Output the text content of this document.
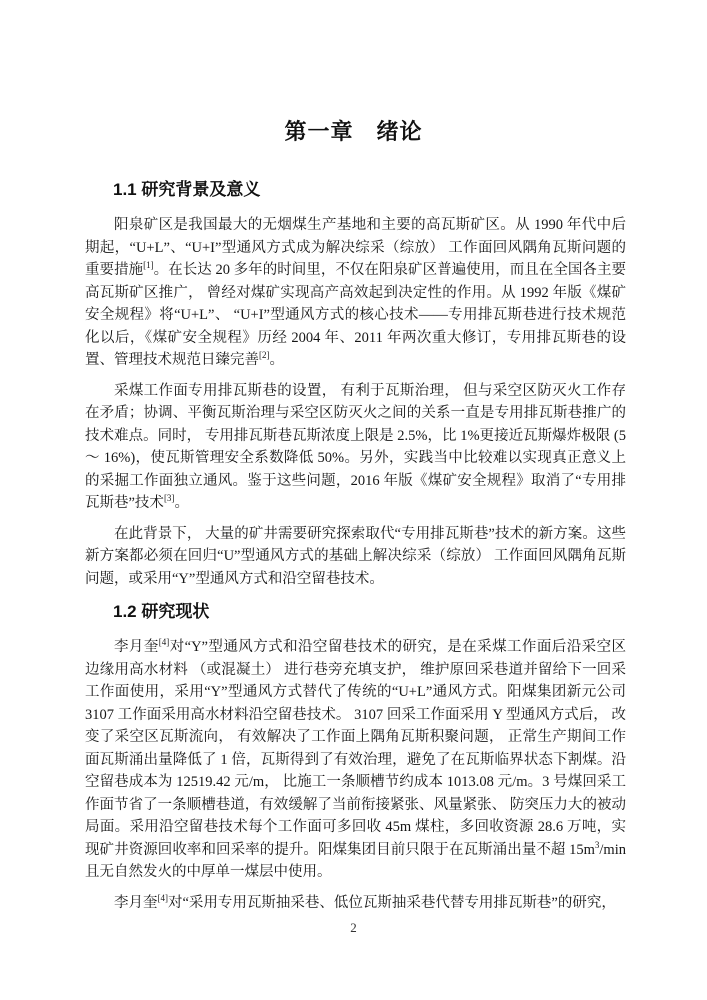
第一章　绪论
1.1 研究背景及意义

阳泉矿区是我国最大的无烟煤生产基地和主要的高瓦斯矿区。从 1990 年代中后期起，“U+L”、“U+I”型通风方式成为解决综采（综放） 工作面回风隅角瓦斯问题的重要措施[1]。在长达 20 多年的时间里，不仅在阳泉矿区普遍使用，而且在全国各主要高瓦斯矿区推广， 曾经对煤矿实现高产高效起到决定性的作用。从 1992 年版《煤矿安全规程》将“U+L”、 “U+I”型通风方式的核心技术——专用排瓦斯巷进行技术规范化以后，《煤矿安全规程》历经 2004 年、2011 年两次重大修订，专用排瓦斯巷的设置、管理技术规范日臻完善[2]。

采煤工作面专用排瓦斯巷的设置， 有利于瓦斯治理， 但与采空区防灭火工作存在矛盾；协调、平衡瓦斯治理与采空区防灭火之间的关系一直是专用排瓦斯巷推广的技术难点。同时， 专用排瓦斯巷瓦斯浓度上限是 2.5%，比 1%更接近瓦斯爆炸极限 (5～ 16%)，使瓦斯管理安全系数降低 50%。另外，实践当中比较难以实现真正意义上的采掘工作面独立通风。鉴于这些问题，2016 年版《煤矿安全规程》取消了“专用排瓦斯巷”技术[3]。

在此背景下， 大量的矿井需要研究探索取代“专用排瓦斯巷”技术的新方案。这些新方案都必须在回归“U”型通风方式的基础上解决综采（综放） 工作面回风隅角瓦斯问题，或采用“Y”型通风方式和沿空留巷技术。

1.2 研究现状

李月奎[4]对“Y”型通风方式和沿空留巷技术的研究，是在采煤工作面后沿采空区边缘用高水材料 （或混凝土） 进行巷旁充填支护， 维护原回采巷道并留给下一回采工作面使用，采用“Y”型通风方式替代了传统的“U+L”通风方式。阳煤集团新元公司 3107 工作面采用高水材料沿空留巷技术。 3107 回采工作面采用 Y 型通风方式后， 改变了采空区瓦斯流向， 有效解决了工作面上隅角瓦斯积聚问题， 正常生产期间工作面瓦斯涌出量降低了 1 倍，瓦斯得到了有效治理，避免了在瓦斯临界状态下割煤。沿空留巷成本为 12519.42 元/m， 比施工一条顺槽节约成本 1013.08 元/m。3 号煤回采工作面节省了一条顺槽巷道，有效缓解了当前衔接紧张、风量紧张、 防突压力大的被动局面。采用沿空留巷技术每个工作面可多回收 45m 煤柱，多回收资源 28.6 万吨，实现矿井资源回收率和回采率的提升。阳煤集团目前只限于在瓦斯涌出量不超 $15m^3/\min$ 且无自然发火的中厚单一煤层中使用。

李月奎[4]对“采用专用瓦斯抽采巷、低位瓦斯抽采巷代替专用排瓦斯巷”的研究，

2
